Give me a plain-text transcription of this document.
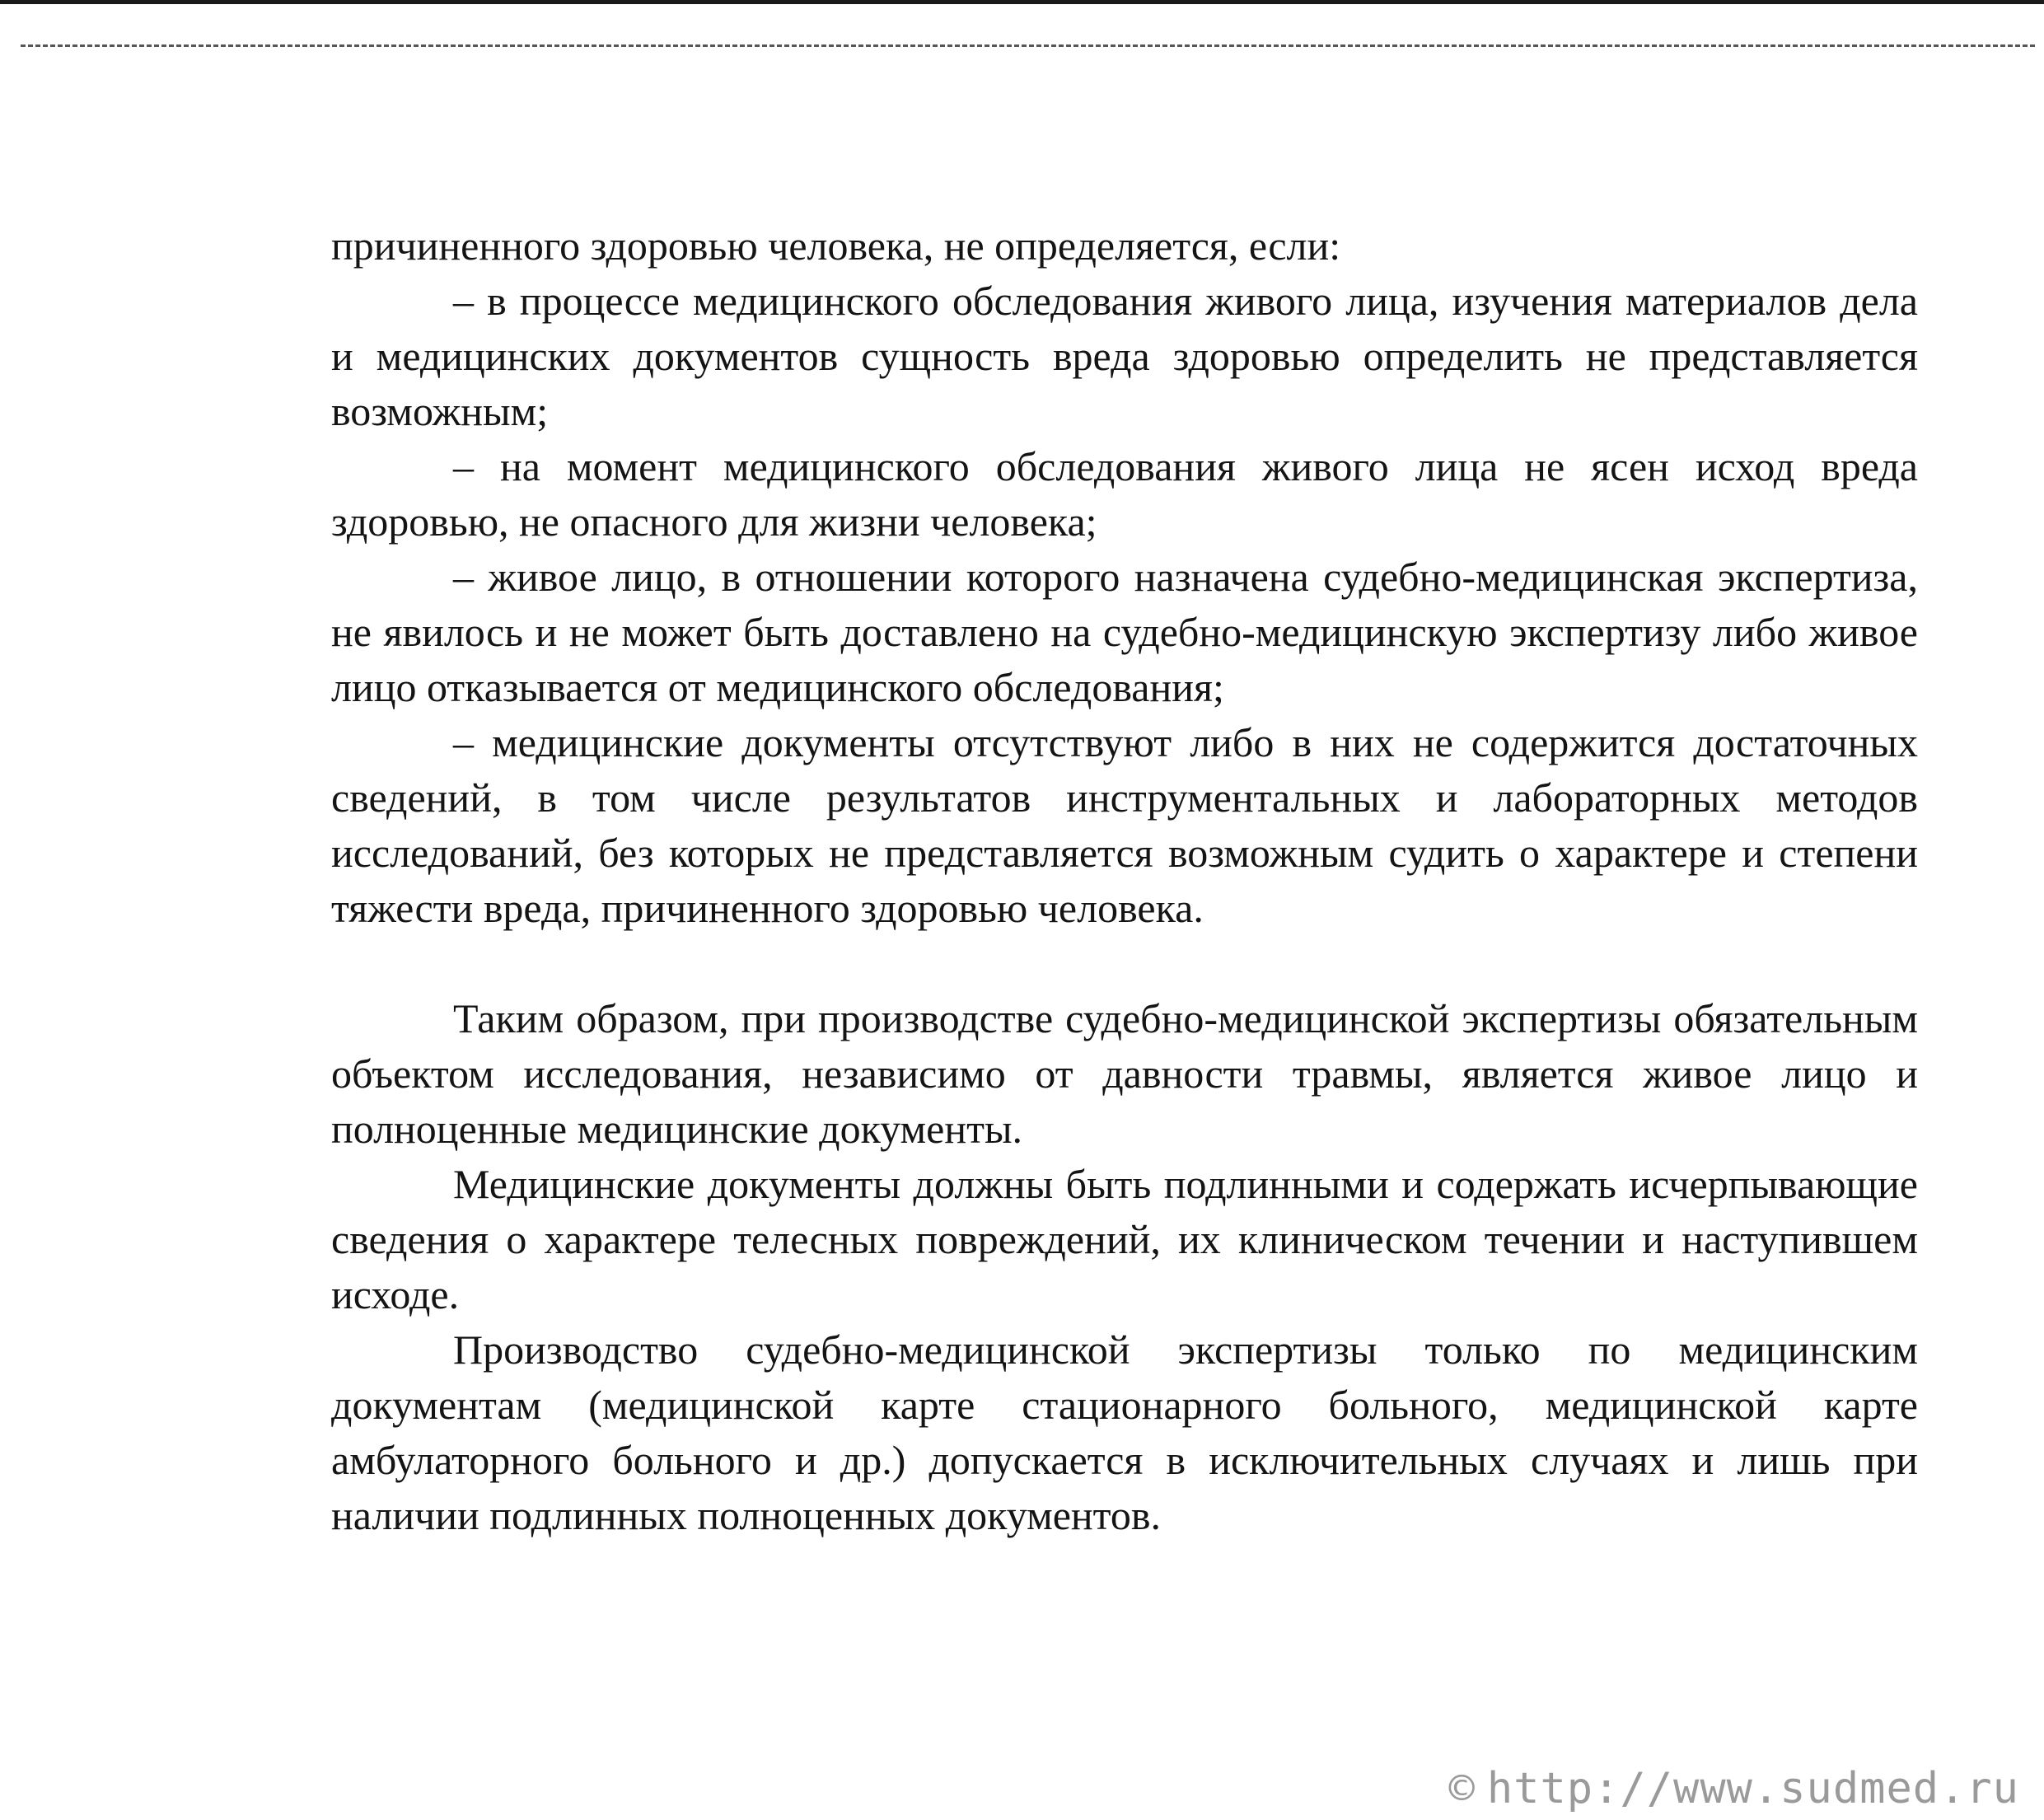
причиненного здоровью человека, не определяется, если:

– в процессе медицинского обследования живого лица, изучения материалов дела и медицинских документов сущность вреда здоровью определить не представляется возможным;

– на момент медицинского обследования живого лица не ясен исход вреда здоровью, не опасного для жизни человека;

– живое лицо, в отношении которого назначена судебно-медицинская экспертиза, не явилось и не может быть доставлено на судебно-медицинскую экспертизу либо живое лицо отказывается от медицинского обследования;

– медицинские документы отсутствуют либо в них не содержится достаточных сведений, в том числе результатов инструментальных и лабораторных методов исследований, без которых не представляется возможным судить о характере и степени тяжести вреда, причиненного здоровью человека.

Таким образом, при производстве судебно-медицинской экспертизы обязательным объектом исследования, независимо от давности травмы, является живое лицо и полноценные медицинские документы.

Медицинские документы должны быть подлинными и содержать исчерпывающие сведения о характере телесных повреждений, их клиническом течении и наступившем исходе.

Производство судебно-медицинской экспертизы только по медицинским документам (медицинской карте стационарного больного, медицинской карте амбулаторного больного и др.) допускается в исключительных случаях и лишь при наличии подлинных полноценных документов.

© http://www.sudmed.ru
